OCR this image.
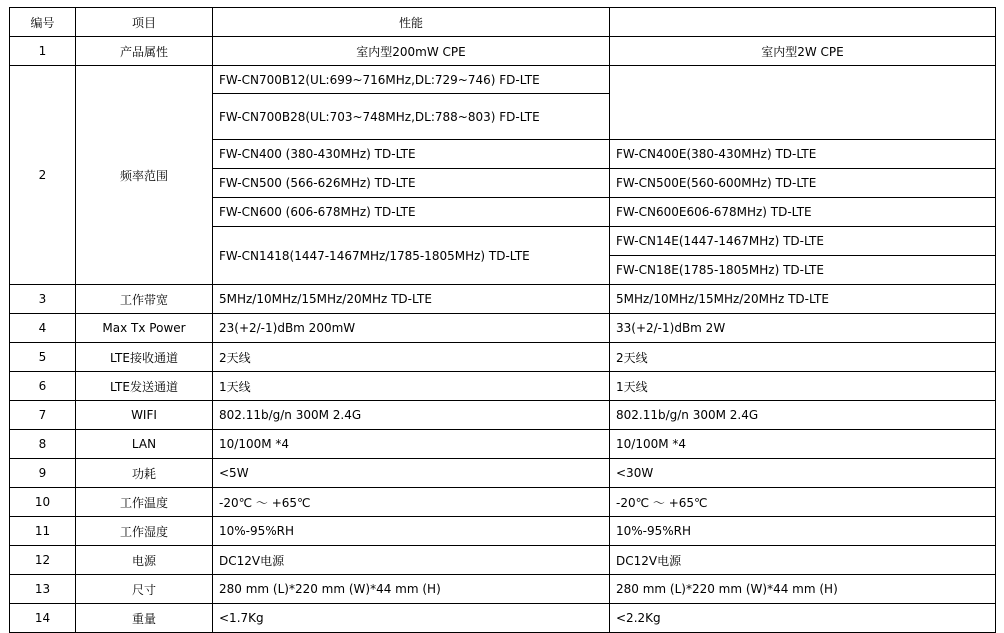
编号	项目	性能	
1	产品属性	室内型200mW CPE	室内型2W CPE
2	频率范围	FW-CN700B12(UL:699~716MHz,DL:729~746) FD-LTE	
		FW-CN700B28(UL:703~748MHz,DL:788~803) FD-LTE	
		FW-CN400 (380-430MHz) TD-LTE	FW-CN400E(380-430MHz) TD-LTE
		FW-CN500 (566-626MHz) TD-LTE	FW-CN500E(560-600MHz) TD-LTE
		FW-CN600 (606-678MHz) TD-LTE	FW-CN600E606-678MHz) TD-LTE
		FW-CN1418(1447-1467MHz/1785-1805MHz) TD-LTE	FW-CN14E(1447-1467MHz) TD-LTE
			FW-CN18E(1785-1805MHz) TD-LTE
3	工作带宽	5MHz/10MHz/15MHz/20MHz TD-LTE	5MHz/10MHz/15MHz/20MHz TD-LTE
4	Max Tx Power	23(+2/-1)dBm 200mW	33(+2/-1)dBm 2W
5	LTE接收通道	2天线	2天线
6	LTE发送通道	1天线	1天线
7	WIFI	802.11b/g/n 300M 2.4G	802.11b/g/n 300M 2.4G
8	LAN	10/100M *4	10/100M *4
9	功耗	<5W	<30W
10	工作温度	-20℃ ～ +65℃	-20℃ ～ +65℃
11	工作湿度	10%-95%RH	10%-95%RH
12	电源	DC12V电源	DC12V电源
13	尺寸	280 mm (L)*220 mm (W)*44 mm (H)	280 mm (L)*220 mm (W)*44 mm (H)
14	重量	<1.7Kg	<2.2Kg
